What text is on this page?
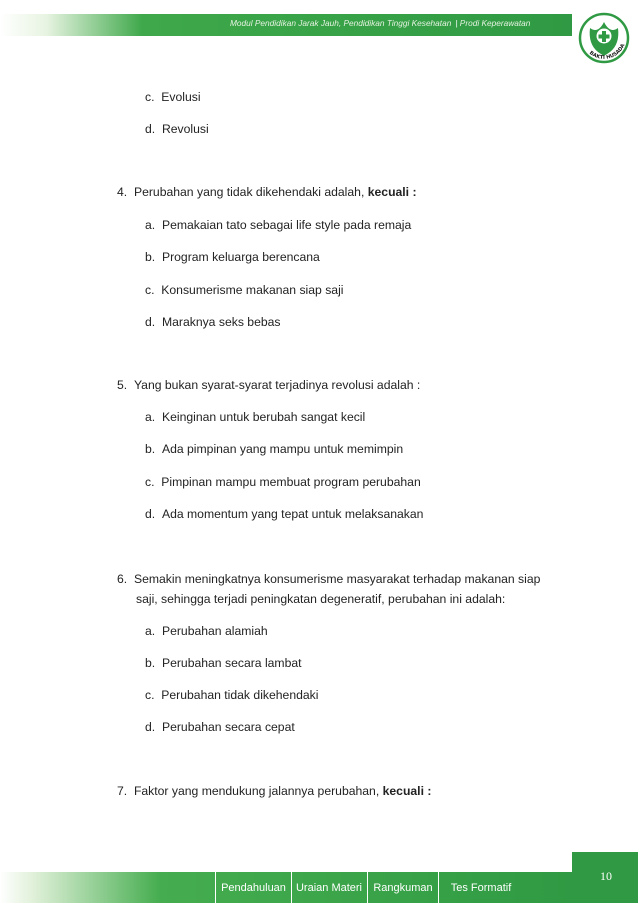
Modul Pendidikan Jarak Jauh, Pendidikan Tinggi Kesehatan | Prodi Keperawatan
BAKTI HUSADA
c. Evolusi
d. Revolusi
4. Perubahan yang tidak dikehendaki adalah, kecuali :
a. Pemakaian tato sebagai life style pada remaja
b. Program keluarga berencana
c. Konsumerisme makanan siap saji
d. Maraknya seks bebas
5. Yang bukan syarat-syarat terjadinya revolusi adalah :
a. Keinginan untuk berubah sangat kecil
b. Ada pimpinan yang mampu untuk memimpin
c. Pimpinan mampu membuat program perubahan
d. Ada momentum yang tepat untuk melaksanakan
6. Semakin meningkatnya konsumerisme masyarakat terhadap makanan siap
saji, sehingga terjadi peningkatan degeneratif, perubahan ini adalah:
a. Perubahan alamiah
b. Perubahan secara lambat
c. Perubahan tidak dikehendaki
d. Perubahan secara cepat
7. Faktor yang mendukung jalannya perubahan, kecuali :
10
Pendahuluan Uraian Materi	Rangkuman	Tes Formatif
